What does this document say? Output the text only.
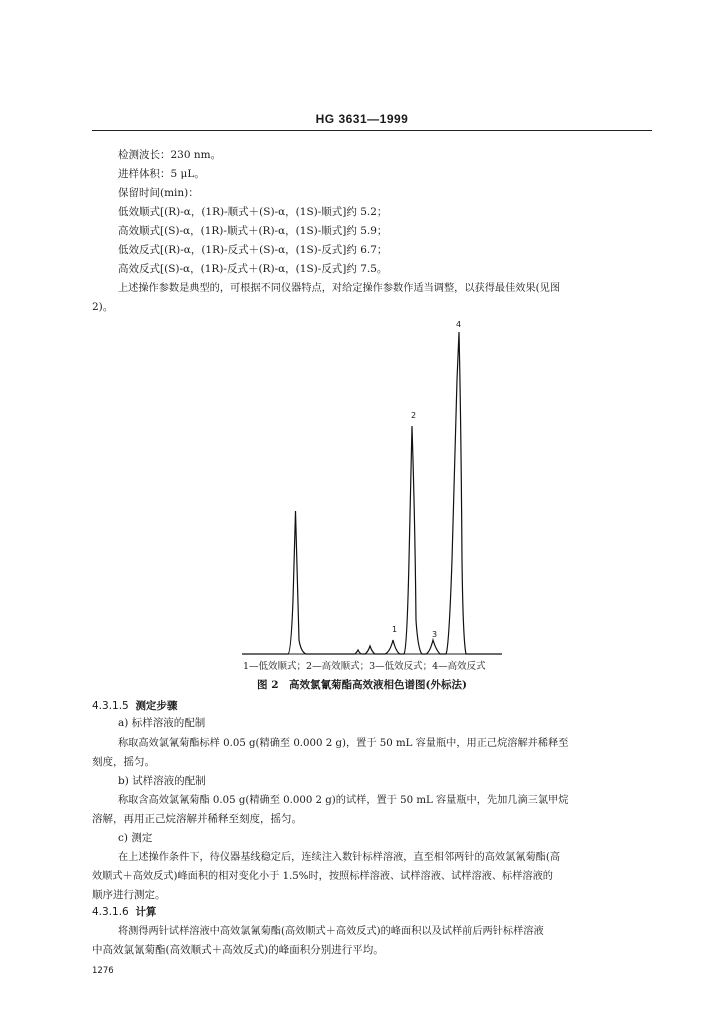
HG 3631—1999
检测波长：230 nm。
进样体积：5 μL。
保留时间(min)：
低效顺式[(R)-α，(1R)-顺式＋(S)-α，(1S)-顺式]约 5.2；
高效顺式[(S)-α，(1R)-顺式＋(R)-α，(1S)-顺式]约 5.9；
低效反式[(R)-α，(1R)-反式＋(S)-α，(1S)-反式]约 6.7；
高效反式[(S)-α，(1R)-反式＋(R)-α，(1S)-反式]约 7.5。
上述操作参数是典型的，可根据不同仪器特点，对给定操作参数作适当调整，以获得最佳效果(见图
2)。
1
2
3
4
1—低效顺式；2—高效顺式；3—低效反式；4—高效反式
图 2　高效氯氰菊酯高效液相色谱图(外标法)
4.3.1.5 测定步骤
a) 标样溶液的配制
称取高效氯氰菊酯标样 0.05 g(精确至 0.000 2 g)，置于 50 mL 容量瓶中，用正己烷溶解并稀释至
刻度，摇匀。
b) 试样溶液的配制
称取含高效氯氰菊酯 0.05 g(精确至 0.000 2 g)的试样，置于 50 mL 容量瓶中，先加几滴三氯甲烷
溶解，再用正己烷溶解并稀释至刻度，摇匀。
c) 测定
在上述操作条件下，待仪器基线稳定后，连续注入数针标样溶液，直至相邻两针的高效氯氰菊酯(高
效顺式＋高效反式)峰面积的相对变化小于 1.5%时，按照标样溶液、试样溶液、试样溶液、标样溶液的
顺序进行测定。
4.3.1.6 计算
将测得两针试样溶液中高效氯氰菊酯(高效顺式＋高效反式)的峰面积以及试样前后两针标样溶液
中高效氯氰菊酯(高效顺式＋高效反式)的峰面积分别进行平均。
1276
